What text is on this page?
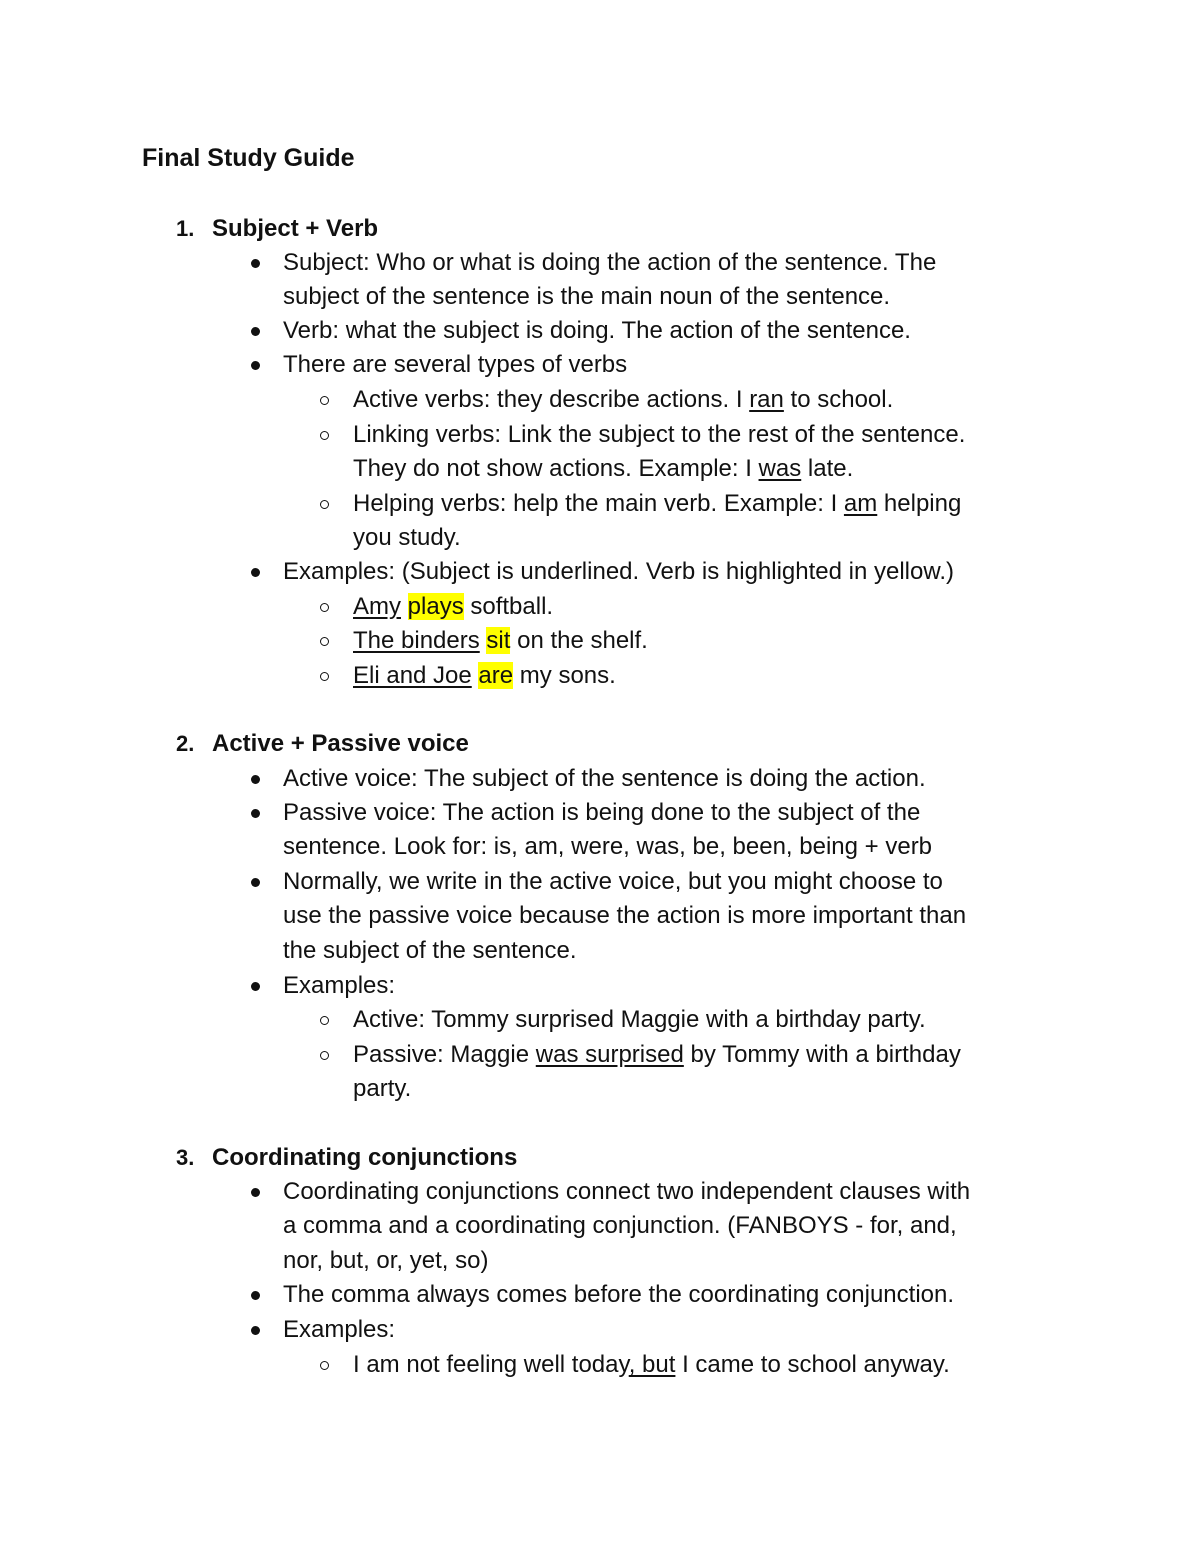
Final Study Guide
1. Subject + Verb

Subject: Who or what is doing the action of the sentence. The

subject of the sentence is the main noun of the sentence.

Verb: what the subject is doing. The action of the sentence.

There are several types of verbs

Active verbs: they describe actions. I ran to school.

Linking verbs: Link the subject to the rest of the sentence.

They do not show actions. Example: I was late.

Helping verbs: help the main verb. Example: I am helping

you study.

Examples: (Subject is underlined. Verb is highlighted in yellow.)

Amy plays softball.

The binders sit on the shelf.

Eli and Joe are my sons.

2. Active + Passive voice

Active voice: The subject of the sentence is doing the action.

Passive voice: The action is being done to the subject of the

sentence. Look for: is, am, were, was, be, been, being + verb

Normally, we write in the active voice, but you might choose to

use the passive voice because the action is more important than

the subject of the sentence.

Examples:

Active: Tommy surprised Maggie with a birthday party.

Passive: Maggie was surprised by Tommy with a birthday

party.

3. Coordinating conjunctions

Coordinating conjunctions connect two independent clauses with

a comma and a coordinating conjunction. (FANBOYS - for, and,

nor, but, or, yet, so)

The comma always comes before the coordinating conjunction.

Examples:

I am not feeling well today, but I came to school anyway.
